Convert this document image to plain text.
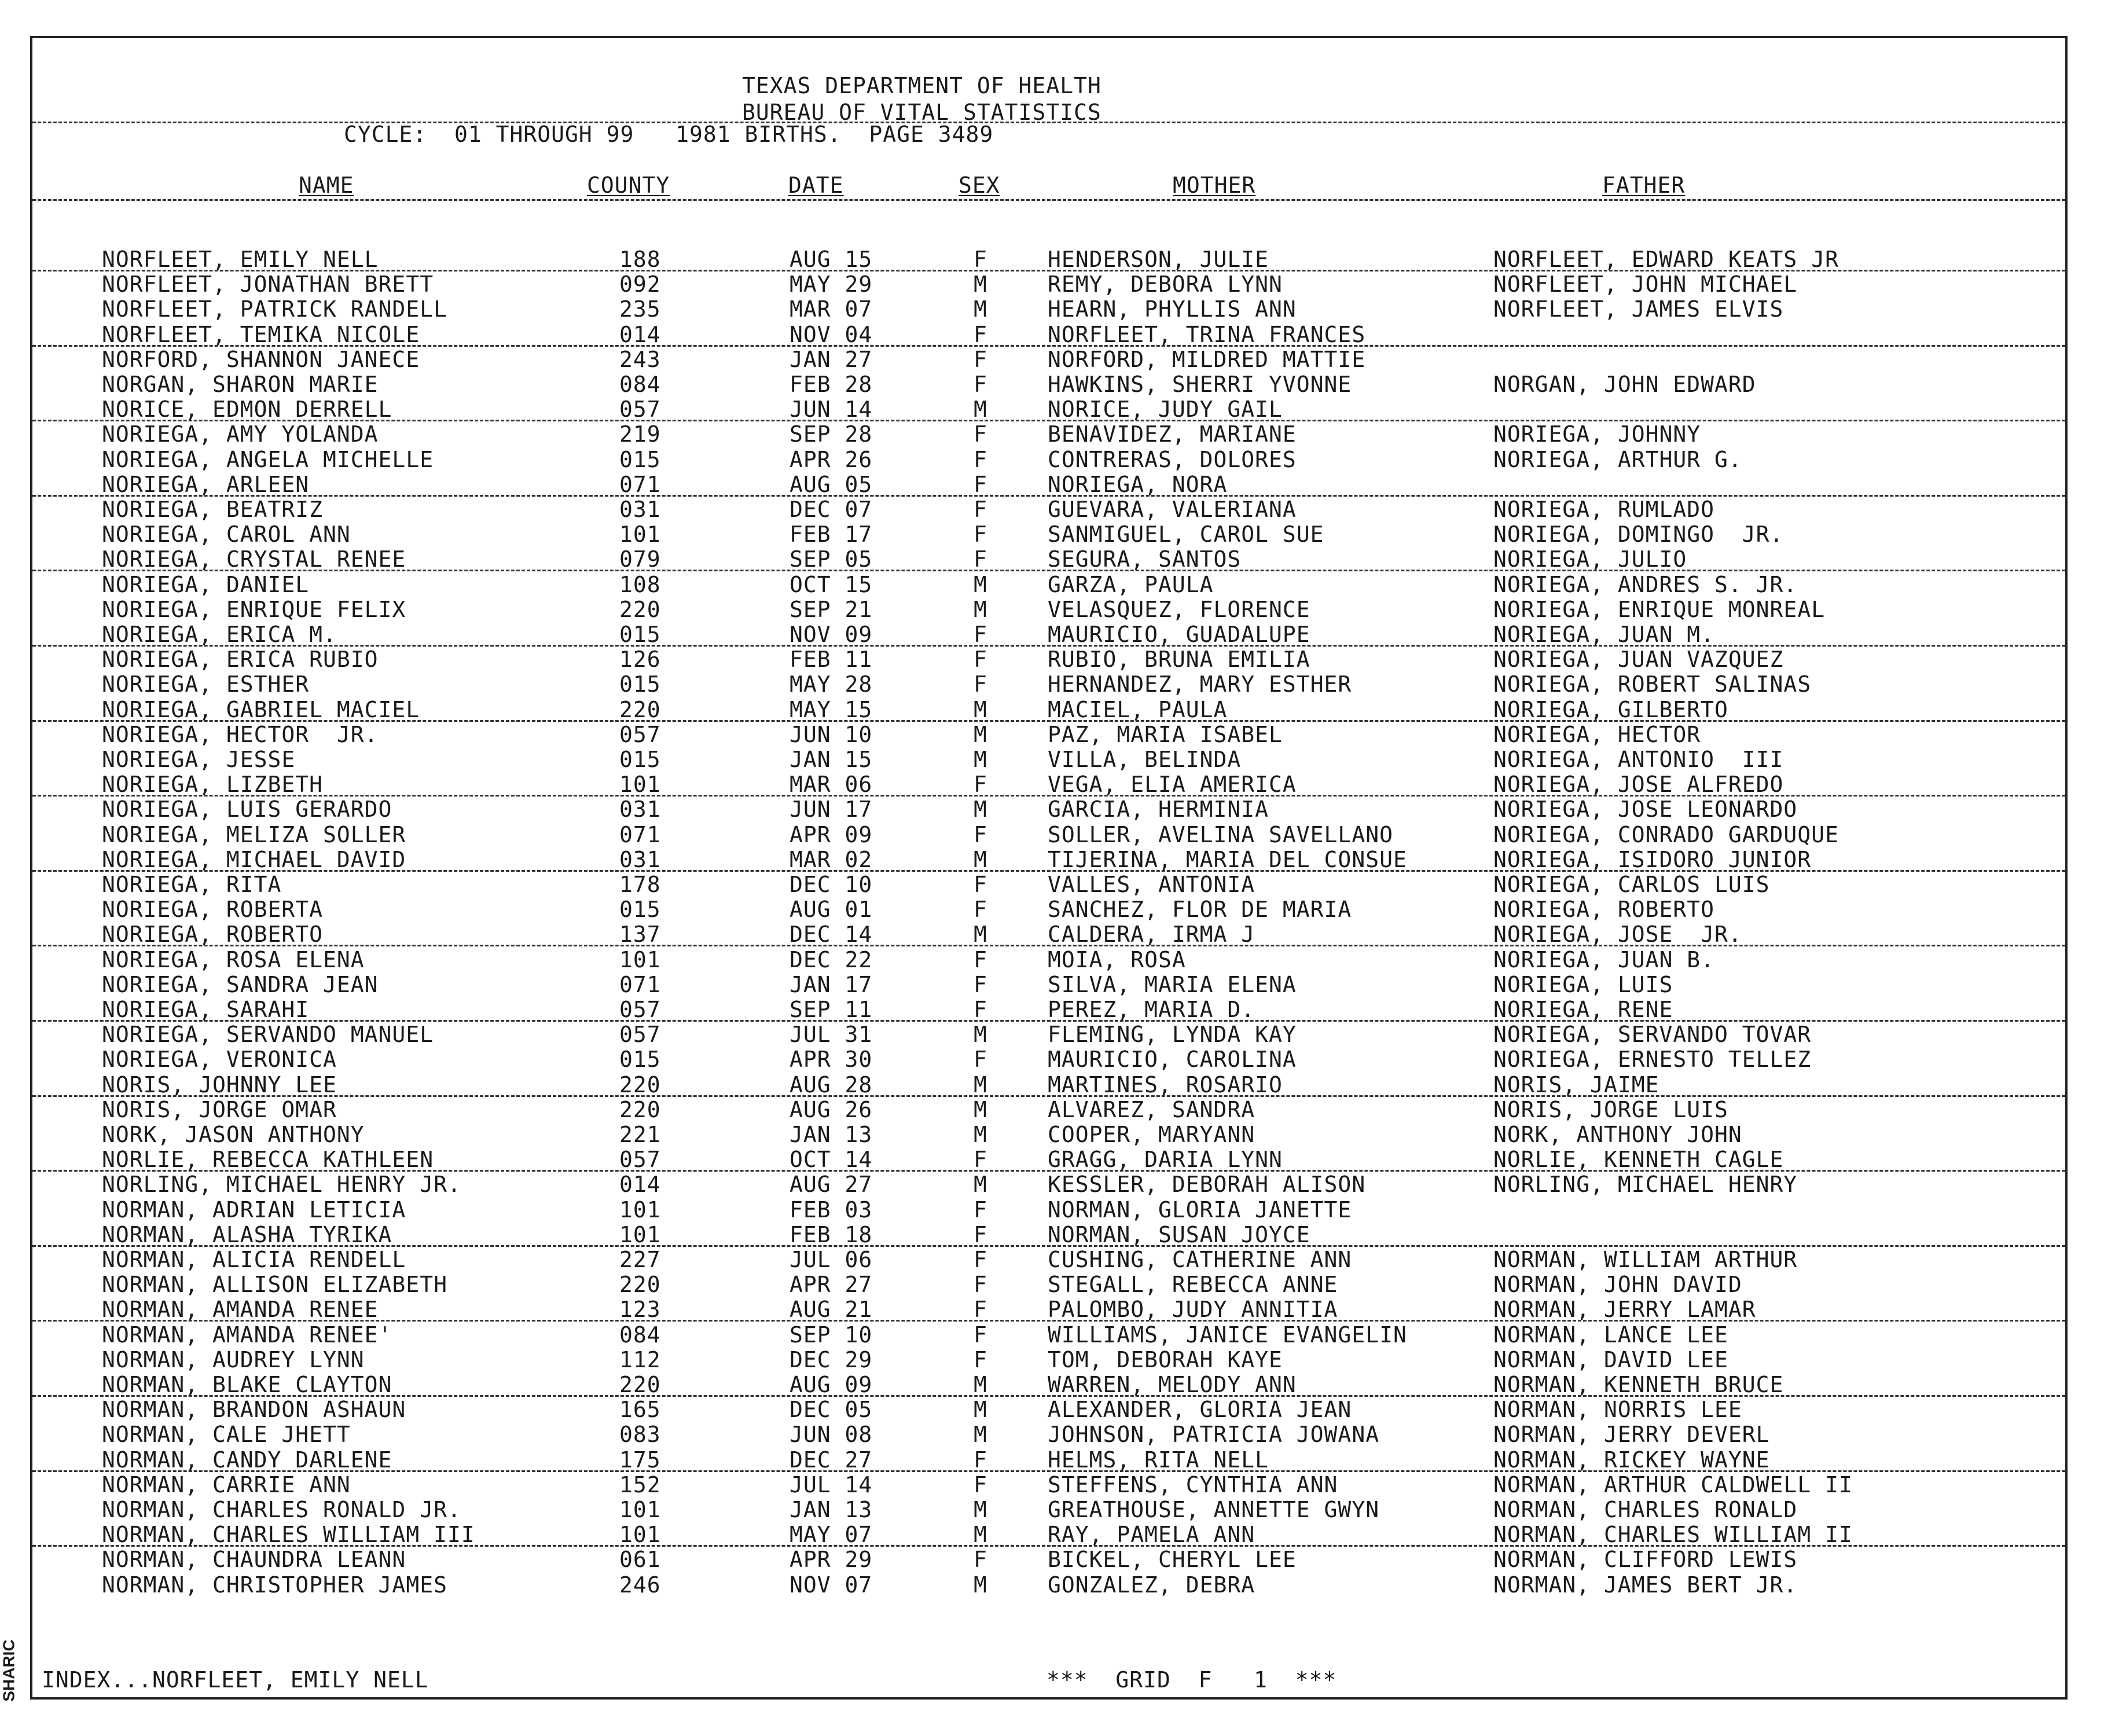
TEXAS DEPARTMENT OF HEALTH
BUREAU OF VITAL STATISTICS
CYCLE:  01 THROUGH 99   1981 BIRTHS.  PAGE 3489
NAME	COUNTY	DATE	SEX	MOTHER	FATHER
NORFLEET, EMILY NELL	188	AUG 15	F	HENDERSON, JULIE	NORFLEET, EDWARD KEATS JR
NORFLEET, JONATHAN BRETT	092	MAY 29	M	REMY, DEBORA LYNN	NORFLEET, JOHN MICHAEL
NORFLEET, PATRICK RANDELL	235	MAR 07	M	HEARN, PHYLLIS ANN	NORFLEET, JAMES ELVIS
NORFLEET, TEMIKA NICOLE	014	NOV 04	F	NORFLEET, TRINA FRANCES
NORFORD, SHANNON JANECE	243	JAN 27	F	NORFORD, MILDRED MATTIE
NORGAN, SHARON MARIE	084	FEB 28	F	HAWKINS, SHERRI YVONNE	NORGAN, JOHN EDWARD
NORICE, EDMON DERRELL	057	JUN 14	M	NORICE, JUDY GAIL
NORIEGA, AMY YOLANDA	219	SEP 28	F	BENAVIDEZ, MARIANE	NORIEGA, JOHNNY
NORIEGA, ANGELA MICHELLE	015	APR 26	F	CONTRERAS, DOLORES	NORIEGA, ARTHUR G.
NORIEGA, ARLEEN	071	AUG 05	F	NORIEGA, NORA
NORIEGA, BEATRIZ	031	DEC 07	F	GUEVARA, VALERIANA	NORIEGA, RUMLADO
NORIEGA, CAROL ANN	101	FEB 17	F	SANMIGUEL, CAROL SUE	NORIEGA, DOMINGO  JR.
NORIEGA, CRYSTAL RENEE	079	SEP 05	F	SEGURA, SANTOS	NORIEGA, JULIO
NORIEGA, DANIEL	108	OCT 15	M	GARZA, PAULA	NORIEGA, ANDRES S. JR.
NORIEGA, ENRIQUE FELIX	220	SEP 21	M	VELASQUEZ, FLORENCE	NORIEGA, ENRIQUE MONREAL
NORIEGA, ERICA M.	015	NOV 09	F	MAURICIO, GUADALUPE	NORIEGA, JUAN M.
NORIEGA, ERICA RUBIO	126	FEB 11	F	RUBIO, BRUNA EMILIA	NORIEGA, JUAN VAZQUEZ
NORIEGA, ESTHER	015	MAY 28	F	HERNANDEZ, MARY ESTHER	NORIEGA, ROBERT SALINAS
NORIEGA, GABRIEL MACIEL	220	MAY 15	M	MACIEL, PAULA	NORIEGA, GILBERTO
NORIEGA, HECTOR  JR.	057	JUN 10	M	PAZ, MARIA ISABEL	NORIEGA, HECTOR
NORIEGA, JESSE	015	JAN 15	M	VILLA, BELINDA	NORIEGA, ANTONIO  III
NORIEGA, LIZBETH	101	MAR 06	F	VEGA, ELIA AMERICA	NORIEGA, JOSE ALFREDO
NORIEGA, LUIS GERARDO	031	JUN 17	M	GARCIA, HERMINIA	NORIEGA, JOSE LEONARDO
NORIEGA, MELIZA SOLLER	071	APR 09	F	SOLLER, AVELINA SAVELLANO	NORIEGA, CONRADO GARDUQUE
NORIEGA, MICHAEL DAVID	031	MAR 02	M	TIJERINA, MARIA DEL CONSUE	NORIEGA, ISIDORO JUNIOR
NORIEGA, RITA	178	DEC 10	F	VALLES, ANTONIA	NORIEGA, CARLOS LUIS
NORIEGA, ROBERTA	015	AUG 01	F	SANCHEZ, FLOR DE MARIA	NORIEGA, ROBERTO
NORIEGA, ROBERTO	137	DEC 14	M	CALDERA, IRMA J	NORIEGA, JOSE  JR.
NORIEGA, ROSA ELENA	101	DEC 22	F	MOIA, ROSA	NORIEGA, JUAN B.
NORIEGA, SANDRA JEAN	071	JAN 17	F	SILVA, MARIA ELENA	NORIEGA, LUIS
NORIEGA, SARAHI	057	SEP 11	F	PEREZ, MARIA D.	NORIEGA, RENE
NORIEGA, SERVANDO MANUEL	057	JUL 31	M	FLEMING, LYNDA KAY	NORIEGA, SERVANDO TOVAR
NORIEGA, VERONICA	015	APR 30	F	MAURICIO, CAROLINA	NORIEGA, ERNESTO TELLEZ
NORIS, JOHNNY LEE	220	AUG 28	M	MARTINES, ROSARIO	NORIS, JAIME
NORIS, JORGE OMAR	220	AUG 26	M	ALVAREZ, SANDRA	NORIS, JORGE LUIS
NORK, JASON ANTHONY	221	JAN 13	M	COOPER, MARYANN	NORK, ANTHONY JOHN
NORLIE, REBECCA KATHLEEN	057	OCT 14	F	GRAGG, DARIA LYNN	NORLIE, KENNETH CAGLE
NORLING, MICHAEL HENRY JR.	014	AUG 27	M	KESSLER, DEBORAH ALISON	NORLING, MICHAEL HENRY
NORMAN, ADRIAN LETICIA	101	FEB 03	F	NORMAN, GLORIA JANETTE
NORMAN, ALASHA TYRIKA	101	FEB 18	F	NORMAN, SUSAN JOYCE
NORMAN, ALICIA RENDELL	227	JUL 06	F	CUSHING, CATHERINE ANN	NORMAN, WILLIAM ARTHUR
NORMAN, ALLISON ELIZABETH	220	APR 27	F	STEGALL, REBECCA ANNE	NORMAN, JOHN DAVID
NORMAN, AMANDA RENEE	123	AUG 21	F	PALOMBO, JUDY ANNITIA	NORMAN, JERRY LAMAR
NORMAN, AMANDA RENEE'	084	SEP 10	F	WILLIAMS, JANICE EVANGELIN	NORMAN, LANCE LEE
NORMAN, AUDREY LYNN	112	DEC 29	F	TOM, DEBORAH KAYE	NORMAN, DAVID LEE
NORMAN, BLAKE CLAYTON	220	AUG 09	M	WARREN, MELODY ANN	NORMAN, KENNETH BRUCE
NORMAN, BRANDON ASHAUN	165	DEC 05	M	ALEXANDER, GLORIA JEAN	NORMAN, NORRIS LEE
NORMAN, CALE JHETT	083	JUN 08	M	JOHNSON, PATRICIA JOWANA	NORMAN, JERRY DEVERL
NORMAN, CANDY DARLENE	175	DEC 27	F	HELMS, RITA NELL	NORMAN, RICKEY WAYNE
NORMAN, CARRIE ANN	152	JUL 14	F	STEFFENS, CYNTHIA ANN	NORMAN, ARTHUR CALDWELL II
NORMAN, CHARLES RONALD JR.	101	JAN 13	M	GREATHOUSE, ANNETTE GWYN	NORMAN, CHARLES RONALD
NORMAN, CHARLES WILLIAM III	101	MAY 07	M	RAY, PAMELA ANN	NORMAN, CHARLES WILLIAM II
NORMAN, CHAUNDRA LEANN	061	APR 29	F	BICKEL, CHERYL LEE	NORMAN, CLIFFORD LEWIS
NORMAN, CHRISTOPHER JAMES	246	NOV 07	M	GONZALEZ, DEBRA	NORMAN, JAMES BERT JR.
INDEX...NORFLEET, EMILY NELL	***  GRID  F   1  ***
SHARIC
